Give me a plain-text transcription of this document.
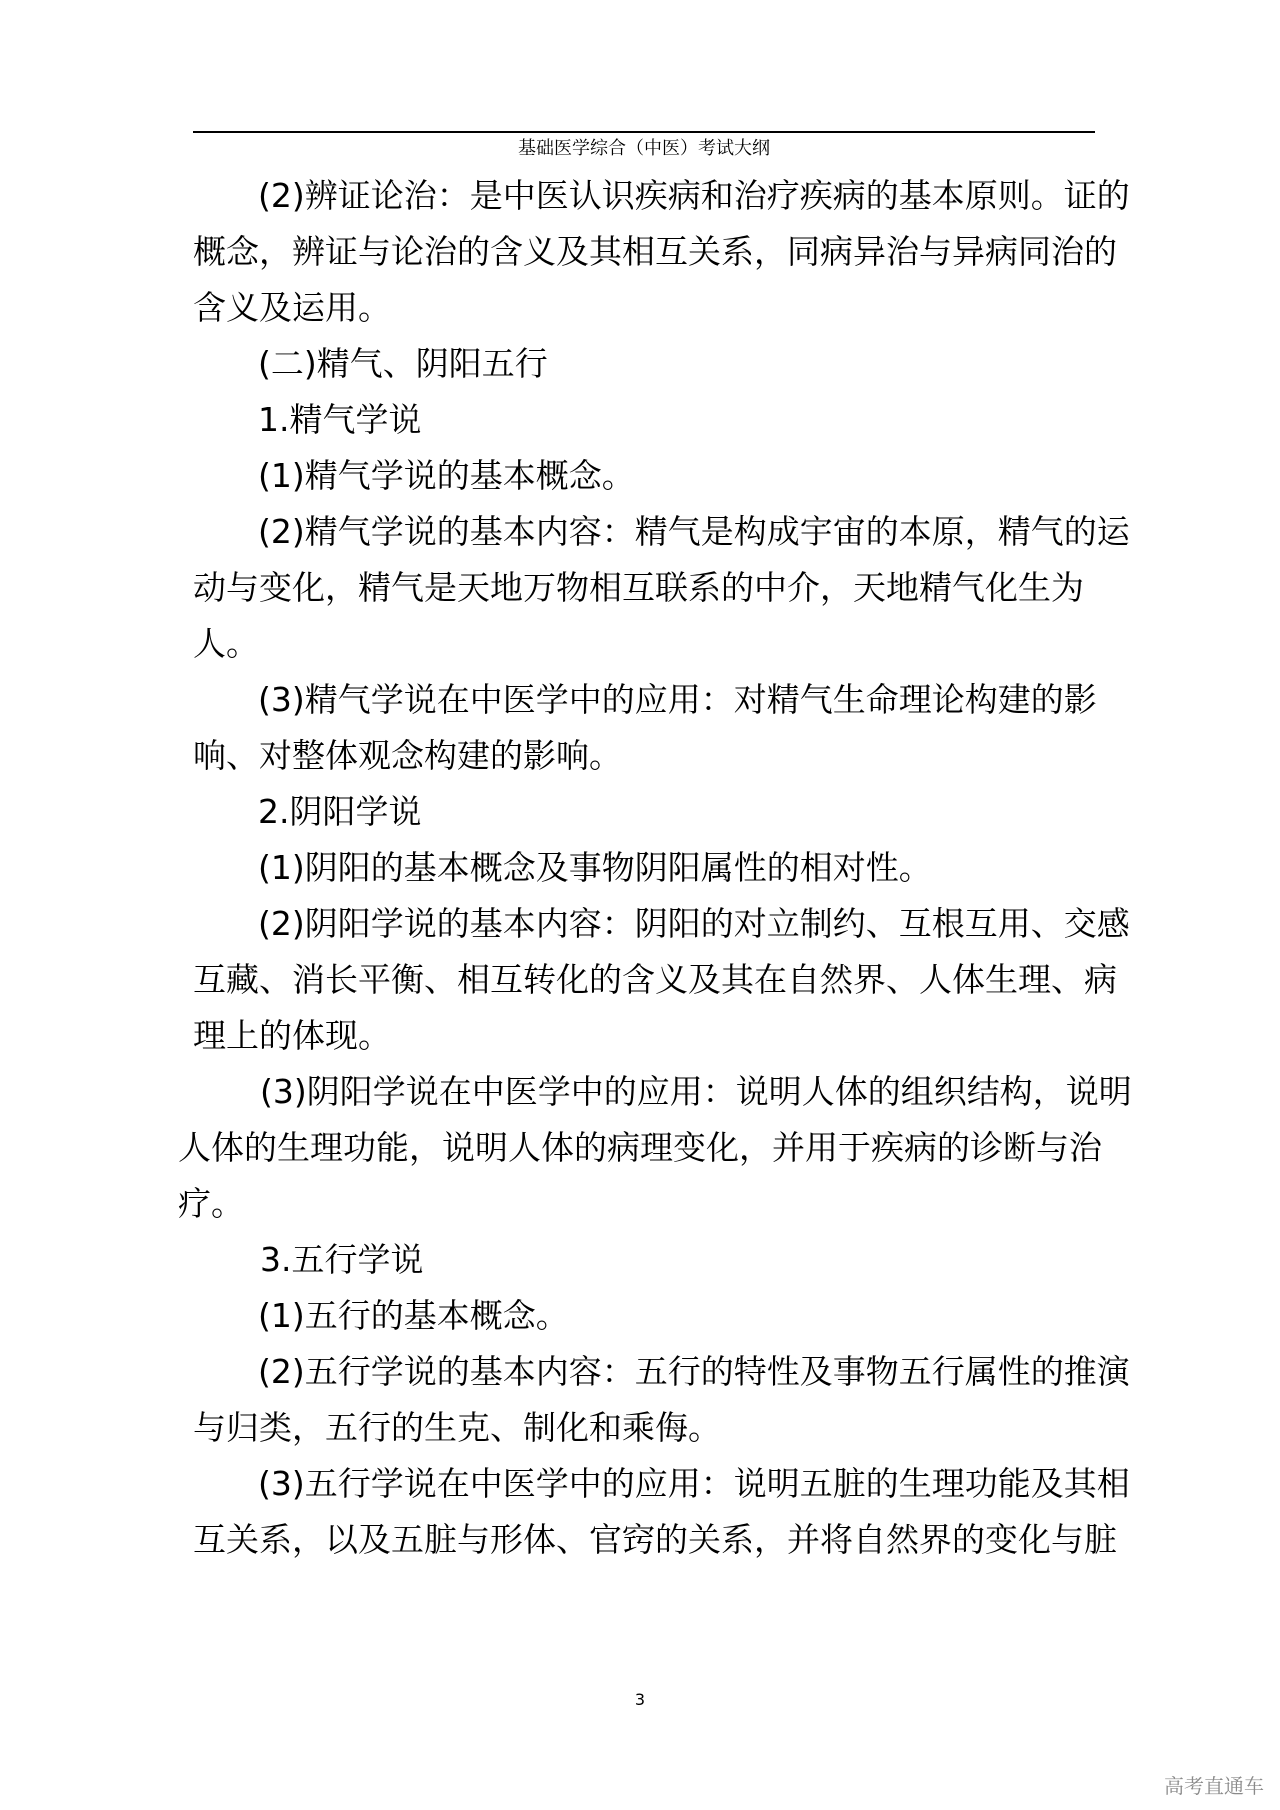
基础医学综合（中医）考试大纲
(2)辨证论治：是中医认识疾病和治疗疾病的基本原则。证的
概念，辨证与论治的含义及其相互关系，同病异治与异病同治的
含义及运用。
(二)精气、阴阳五行
1.精气学说
(1)精气学说的基本概念。
(2)精气学说的基本内容：精气是构成宇宙的本原，精气的运
动与变化，精气是天地万物相互联系的中介，天地精气化生为
人。
(3)精气学说在中医学中的应用：对精气生命理论构建的影
响、对整体观念构建的影响。
2.阴阳学说
(1)阴阳的基本概念及事物阴阳属性的相对性。
(2)阴阳学说的基本内容：阴阳的对立制约、互根互用、交感
互藏、消长平衡、相互转化的含义及其在自然界、人体生理、病
理上的体现。
(3)阴阳学说在中医学中的应用：说明人体的组织结构，说明
人体的生理功能，说明人体的病理变化，并用于疾病的诊断与治
疗。
3.五行学说
(1)五行的基本概念。
(2)五行学说的基本内容：五行的特性及事物五行属性的推演
与归类，五行的生克、制化和乘侮。
(3)五行学说在中医学中的应用：说明五脏的生理功能及其相
互关系，以及五脏与形体、官窍的关系，并将自然界的变化与脏
3
高考直通车
